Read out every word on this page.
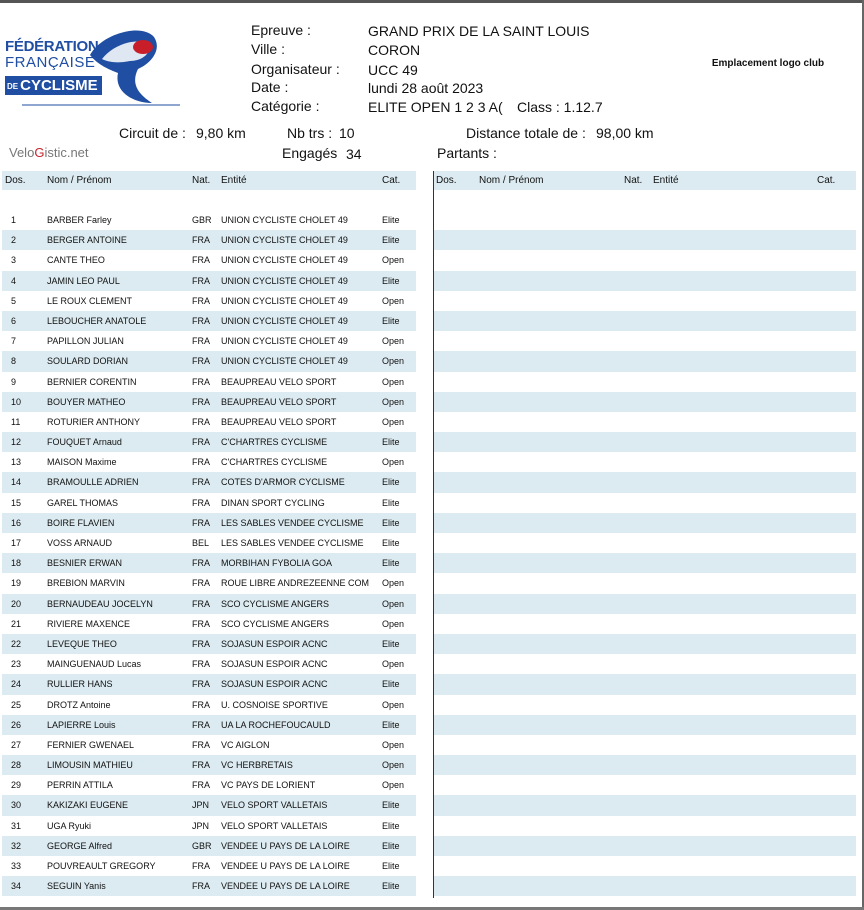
FÉDÉRATION
FRANÇAISE
DE CYCLISME
Epreuve :	GRAND PRIX DE LA SAINT LOUIS
Ville :	CORON
Organisateur : UCC 49
Date :	lundi 28 août 2023
Catégorie :	ELITE OPEN 1 2 3 A( Class : 1.12.7
Emplacement logo club
Circuit de : 9,80 km	Nb trs : 10	Distance totale de : 98,00 km
Engagés 34	Partants :
VeloGistic.net
Dos. Nom / Prénom	Nat. Entité	Cat.
1	BARBER Farley	GBR UNION CYCLISTE CHOLET 49	Elite
2	BERGER ANTOINE	FRA UNION CYCLISTE CHOLET 49	Elite
3	CANTE THEO	FRA UNION CYCLISTE CHOLET 49	Open
4	JAMIN LEO PAUL	FRA UNION CYCLISTE CHOLET 49	Elite
5	LE ROUX CLEMENT	FRA UNION CYCLISTE CHOLET 49	Open
6	LEBOUCHER ANATOLE	FRA UNION CYCLISTE CHOLET 49	Elite
7	PAPILLON JULIAN	FRA UNION CYCLISTE CHOLET 49	Open
8	SOULARD DORIAN	FRA UNION CYCLISTE CHOLET 49	Open
9	BERNIER CORENTIN	FRA BEAUPREAU VELO SPORT	Open
10	BOUYER MATHEO	FRA BEAUPREAU VELO SPORT	Open
11	ROTURIER ANTHONY	FRA BEAUPREAU VELO SPORT	Open
12	FOUQUET Arnaud	FRA C'CHARTRES CYCLISME	Elite
13	MAISON Maxime	FRA C'CHARTRES CYCLISME	Open
14	BRAMOULLE ADRIEN	FRA COTES D'ARMOR CYCLISME	Elite
15	GAREL THOMAS	FRA DINAN SPORT CYCLING	Elite
16	BOIRE FLAVIEN	FRA LES SABLES VENDEE CYCLISME Elite
17	VOSS ARNAUD	BEL LES SABLES VENDEE CYCLISME Elite
18	BESNIER ERWAN	FRA MORBIHAN FYBOLIA GOA	Elite
19	BREBION MARVIN	FRA ROUE LIBRE ANDREZEENNE COM Open
20	BERNAUDEAU JOCELYN	FRA SCO CYCLISME ANGERS	Open
21	RIVIERE MAXENCE	FRA SCO CYCLISME ANGERS	Open
22	LEVEQUE THEO	FRA SOJASUN ESPOIR ACNC	Elite
23	MAINGUENAUD Lucas	FRA SOJASUN ESPOIR ACNC	Open
24	RULLIER HANS	FRA SOJASUN ESPOIR ACNC	Elite
25	DROTZ Antoine	FRA U. COSNOISE SPORTIVE	Open
26	LAPIERRE Louis	FRA UA LA ROCHEFOUCAULD	Elite
27	FERNIER GWENAEL	FRA VC AIGLON	Open
28	LIMOUSIN MATHIEU	FRA VC HERBRETAIS	Open
29	PERRIN ATTILA	FRA VC PAYS DE LORIENT	Open
30	KAKIZAKI EUGENE	JPN VELO SPORT VALLETAIS	Elite
31	UGA Ryuki	JPN VELO SPORT VALLETAIS	Elite
32	GEORGE Alfred	GBR VENDEE U PAYS DE LA LOIRE	Elite
33	POUVREAULT GREGORY	FRA VENDEE U PAYS DE LA LOIRE	Elite
34	SEGUIN Yanis	FRA VENDEE U PAYS DE LA LOIRE	Elite
Dos. Nom / Prénom	Nat. Entité	Cat.
